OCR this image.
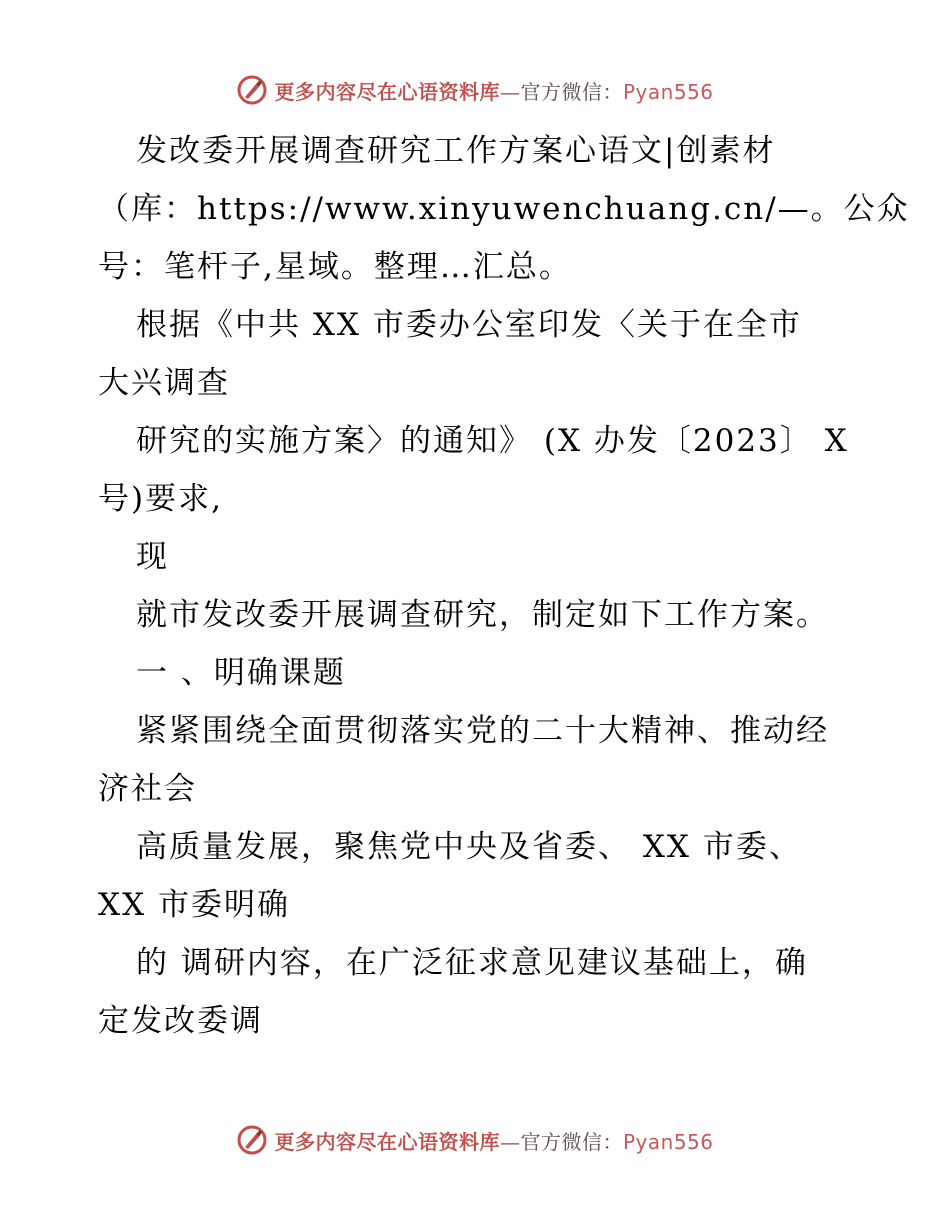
更多内容尽在心语资料库—官方微信：Pyan556
发改委开展调查研究工作方案心语文|创素材
（库：https://www.xinyuwenchuang.cn/—。公众
号：笔杆子,星域。整理…汇总。
根据《中共 XX 市委办公室印发〈关于在全市
大兴调查
研究的实施方案〉的通知》 (X 办发〔2023〕 X
号)要求,
现
就市发改委开展调查研究，制定如下工作方案。
一 、明确课题
紧紧围绕全面贯彻落实党的二十大精神、推动经
济社会
高质量发展，聚焦党中央及省委、 XX 市委、
XX 市委明确
的 调研内容，在广泛征求意见建议基础上，确
定发改委调
更多内容尽在心语资料库—官方微信：Pyan556
